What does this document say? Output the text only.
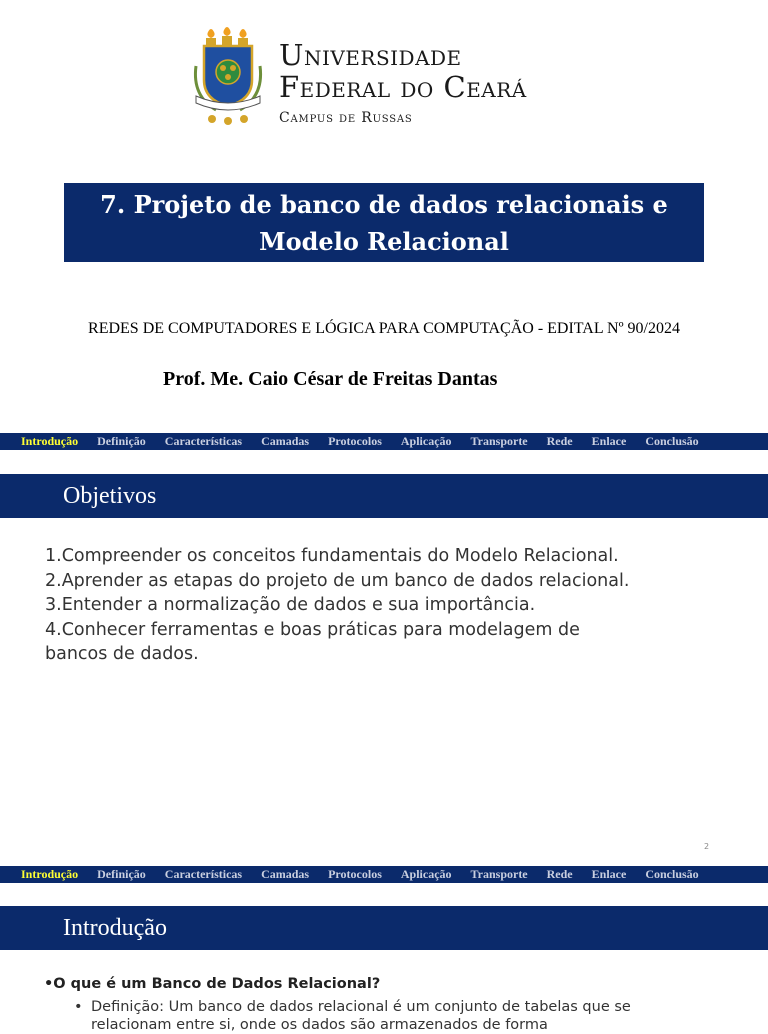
Universidade
Federal do Ceará
Campus de Russas
7. Projeto de banco de dados relacionais e Modelo Relacional
REDES DE COMPUTADORES E LÓGICA PARA COMPUTAÇÃO - EDITAL Nº 90/2024
Prof. Me. Caio César de Freitas Dantas
Introdução Definição Características Camadas Protocolos Aplicação Transporte Rede Enlace Conclusão
Objetivos
1.Compreender os conceitos fundamentais do Modelo Relacional.
2.Aprender as etapas do projeto de um banco de dados relacional.
3.Entender a normalização de dados e sua importância.
4.Conhecer ferramentas e boas práticas para modelagem de bancos de dados.
2
Introdução Definição Características Camadas Protocolos Aplicação Transporte Rede Enlace Conclusão
Introdução
•O que é um Banco de Dados Relacional?
• Definição: Um banco de dados relacional é um conjunto de tabelas que se relacionam entre si, onde os dados são armazenados de forma
